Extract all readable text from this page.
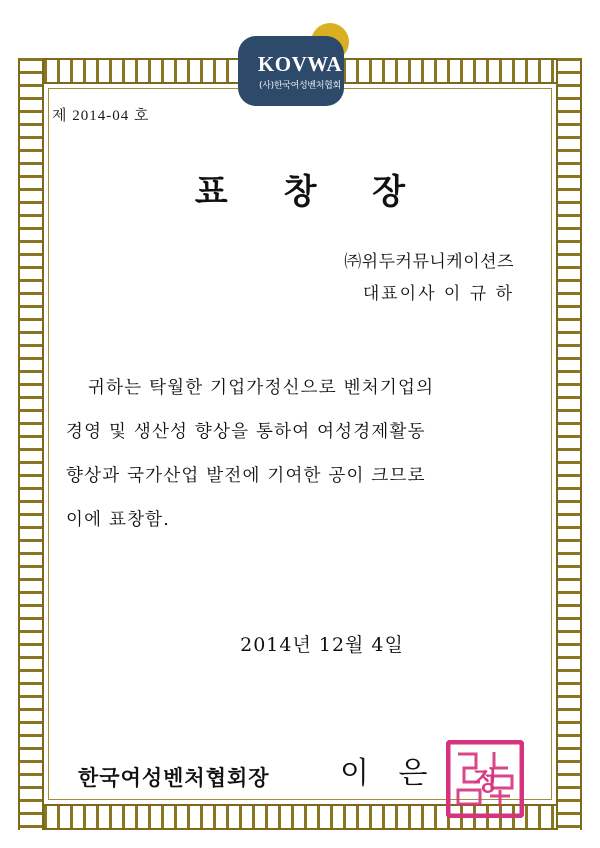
KOVWA
(사)한국여성벤처협회
제 2014-04 호
표 창 장
㈜위두커뮤니케이션즈
대표이사 이 규 하
귀하는 탁월한 기업가정신으로 벤처기업의
경영 및 생산성 향상을 통하여 여성경제활동
향상과 국가산업 발전에 기여한 공이 크므로
이에 표창함.
2014년 12월 4일
한국여성벤처협회장 이 은	정
